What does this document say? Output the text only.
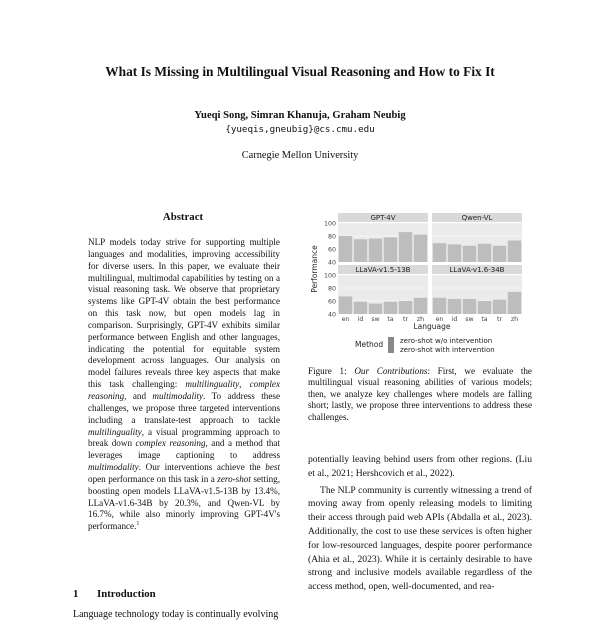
What Is Missing in Multilingual Visual Reasoning and How to Fix It
Yueqi Song, Simran Khanuja, Graham Neubig
{yueqis,gneubig}@cs.cmu.edu
Carnegie Mellon University
Abstract
NLP models today strive for supporting multiple languages and modalities, improving accessibility for diverse users. In this paper, we evaluate their multilingual, multimodal capabilities by testing on a visual reasoning task. We observe that proprietary systems like GPT-4V obtain the best performance on this task now, but open models lag in comparison. Surprisingly, GPT-4V exhibits similar performance between English and other languages, indicating the potential for equitable system development across languages. Our analysis on model failures reveals three key aspects that make this task challenging: multilinguality, complex reasoning, and multimodality. To address these challenges, we propose three targeted interventions including a translate-test approach to tackle multilinguality, a visual programming approach to break down complex reasoning, and a method that leverages image captioning to address multimodality. Our interventions achieve the best open performance on this task in a zero-shot setting, boosting open models LLaVA-v1.5-13B by 13.4%, LLaVA-v1.6-34B by 20.3%, and Qwen-VL by 16.7%, while also minorly improving GPT-4V's performance.$^1$
1 Introduction
Language technology today is continually evolving
GPT-4V
40
60
80
100
Qwen-VL
LLaVA-v1.5-13B
40
60
80
100
en id sw ta tr zh
LLaVA-v1.6-34B
en id sw ta tr zh
Performance
Language
Method zero-shot w/o intervention
zero-shot with intervention
Figure 1: Our Contributions: First, we evaluate the multilingual visual reasoning abilities of various models; then, we analyze key challenges where models are falling short; lastly, we propose three interventions to address these challenges.

potentially leaving behind users from other regions. (Liu et al., 2021; Hershcovich et al., 2022).

The NLP community is currently witnessing a trend of moving away from openly releasing models to limiting their access through paid web APIs (Abdalla et al., 2023). Additionally, the cost to use these services is often higher for low-resourced languages, despite poorer performance (Ahia et al., 2023). While it is certainly desirable to have strong and inclusive models available regardless of the access method, open, well-documented, and rea-
